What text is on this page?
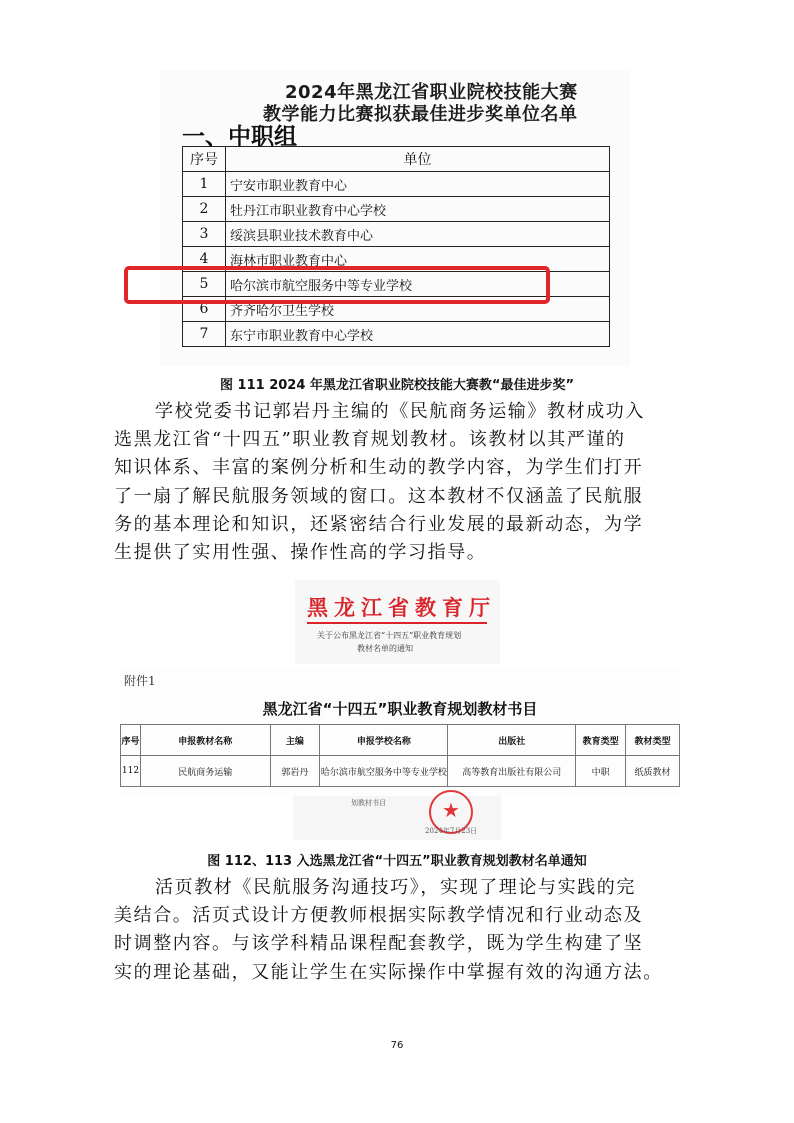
2024年黑龙江省职业院校技能大赛
教学能力比赛拟获最佳进步奖单位名单
一、中职组
序号	单位
1	宁安市职业教育中心
2	牡丹江市职业教育中心学校
3	绥滨县职业技术教育中心
4	海林市职业教育中心
5	哈尔滨市航空服务中等专业学校
6	齐齐哈尔卫生学校
7	东宁市职业教育中心学校
图 111 2024 年黑龙江省职业院校技能大赛教“最佳进步奖”
学校党委书记郭岩丹主编的《民航商务运输》教材成功入
选黑龙江省“十四五”职业教育规划教材。该教材以其严谨的
知识体系、丰富的案例分析和生动的教学内容，为学生们打开
了一扇了解民航服务领域的窗口。这本教材不仅涵盖了民航服
务的基本理论和知识，还紧密结合行业发展的最新动态，为学
生提供了实用性强、操作性高的学习指导。
黑龙江省教育厅
关于公布黑龙江省“十四五”职业教育规划
教材名单的通知
附件1
黑龙江省“十四五”职业教育规划教材书目
序号	申报教材名称	主编	申报学校名称	出版社	教育类型	教材类型
112	民航商务运输	郭岩丹	哈尔滨市航空服务中等专业学校	高等教育出版社有限公司	中职	纸质教材
划教材书目	★
2024年7月23日
图 112、113 入选黑龙江省“十四五”职业教育规划教材名单通知
活页教材《民航服务沟通技巧》，实现了理论与实践的完
美结合。活页式设计方便教师根据实际教学情况和行业动态及
时调整内容。与该学科精品课程配套教学，既为学生构建了坚
实的理论基础，又能让学生在实际操作中掌握有效的沟通方法。
76
